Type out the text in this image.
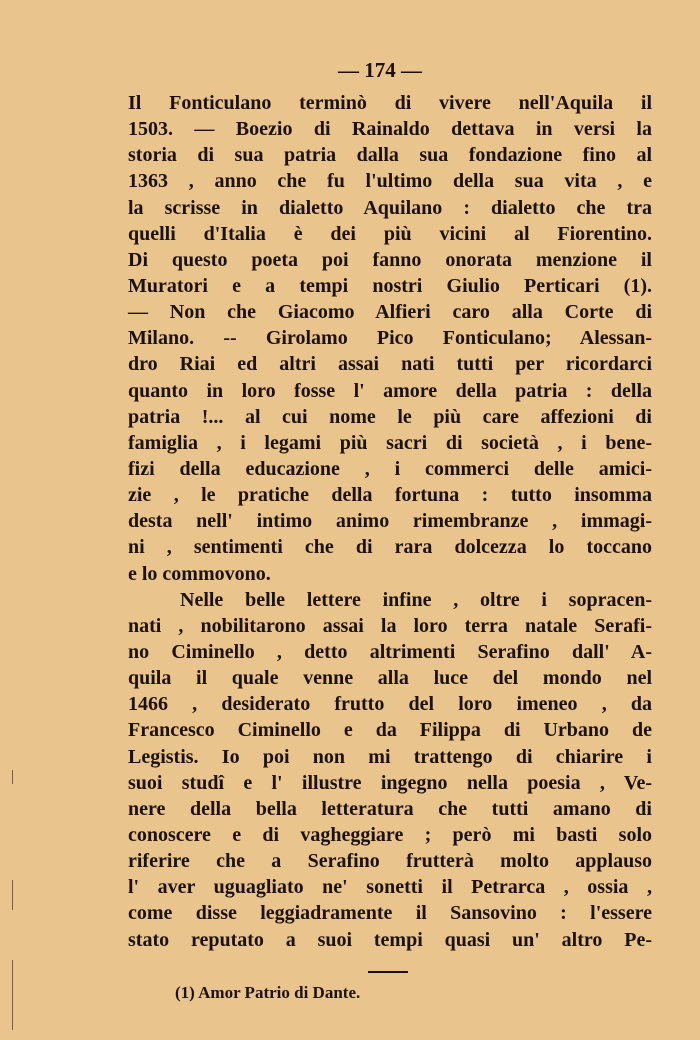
— 174 —
Il Fonticulano terminò di vivere nell'Aquila il
1503. — Boezio di Rainaldo dettava in versi la
storia di sua patria dalla sua fondazione fino al
1363 , anno che fu l'ultimo della sua vita , e
la scrisse in dialetto Aquilano : dialetto che tra
quelli d'Italia è dei più vicini al Fiorentino.
Di questo poeta poi fanno onorata menzione il
Muratori e a tempi nostri Giulio Perticari (1).
— Non che Giacomo Alfieri caro alla Corte di
Milano. -- Girolamo Pico Fonticulano; Alessan-
dro Riai ed altri assai nati tutti per ricordarci
quanto in loro fosse l' amore della patria : della
patria !... al cui nome le più care affezioni di
famiglia , i legami più sacri di società , i bene-
fizi della educazione , i commerci delle amici-
zie , le pratiche della fortuna : tutto insomma
desta nell' intimo animo rimembranze , immagi-
ni , sentimenti che di rara dolcezza lo toccano
e lo commovono.
Nelle belle lettere infine , oltre i sopracen-
nati , nobilitarono assai la loro terra natale Serafi-
no Ciminello , detto altrimenti Serafino dall' A-
quila il quale venne alla luce del mondo nel
1466 , desiderato frutto del loro imeneo , da
Francesco Ciminello e da Filippa di Urbano de
Legistis. Io poi non mi trattengo di chiarire i
suoi studî e l' illustre ingegno nella poesia , Ve-
nere della bella letteratura che tutti amano di
conoscere e di vagheggiare ; però mi basti solo
riferire che a Serafino frutterà molto applauso
l' aver uguagliato ne' sonetti il Petrarca , ossia ,
come disse leggiadramente il Sansovino : l'essere
stato reputato a suoi tempi quasi un' altro Pe-
(1) Amor Patrio di Dante.
